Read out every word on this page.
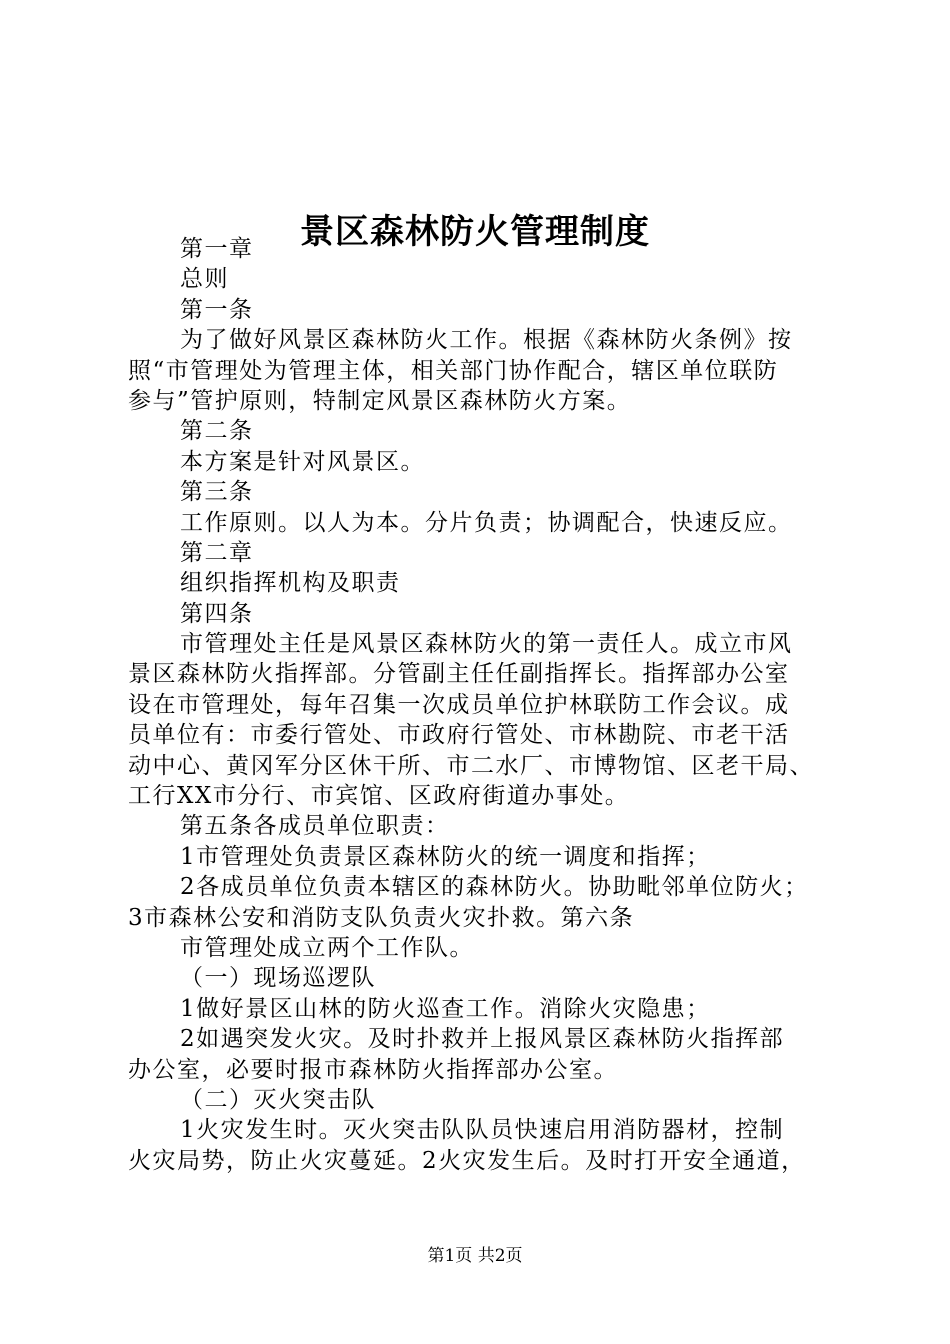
景区森林防火管理制度
第一章
总则
第一条
为了做好风景区森林防火工作。根据《森林防火条例》按
照“市管理处为管理主体，相关部门协作配合，辖区单位联防
参与”管护原则，特制定风景区森林防火方案。
第二条
本方案是针对风景区。
第三条
工作原则。以人为本。分片负责；协调配合，快速反应。
第二章
组织指挥机构及职责
第四条
市管理处主任是风景区森林防火的第一责任人。成立市风
景区森林防火指挥部。分管副主任任副指挥长。指挥部办公室
设在市管理处，每年召集一次成员单位护林联防工作会议。成
员单位有：市委行管处、市政府行管处、市林勘院、市老干活
动中心、黄冈军分区休干所、市二水厂、市博物馆、区老干局、
工行XX市分行、市宾馆、区政府街道办事处。
第五条各成员单位职责：
1市管理处负责景区森林防火的统一调度和指挥；
2各成员单位负责本辖区的森林防火。协助毗邻单位防火；
3市森林公安和消防支队负责火灾扑救。第六条
市管理处成立两个工作队。
（一）现场巡逻队
1做好景区山林的防火巡查工作。消除火灾隐患；
2如遇突发火灾。及时扑救并上报风景区森林防火指挥部
办公室，必要时报市森林防火指挥部办公室。
（二）灭火突击队
1火灾发生时。灭火突击队队员快速启用消防器材，控制
火灾局势，防止火灾蔓延。2火灾发生后。及时打开安全通道，
第1页 共2页
